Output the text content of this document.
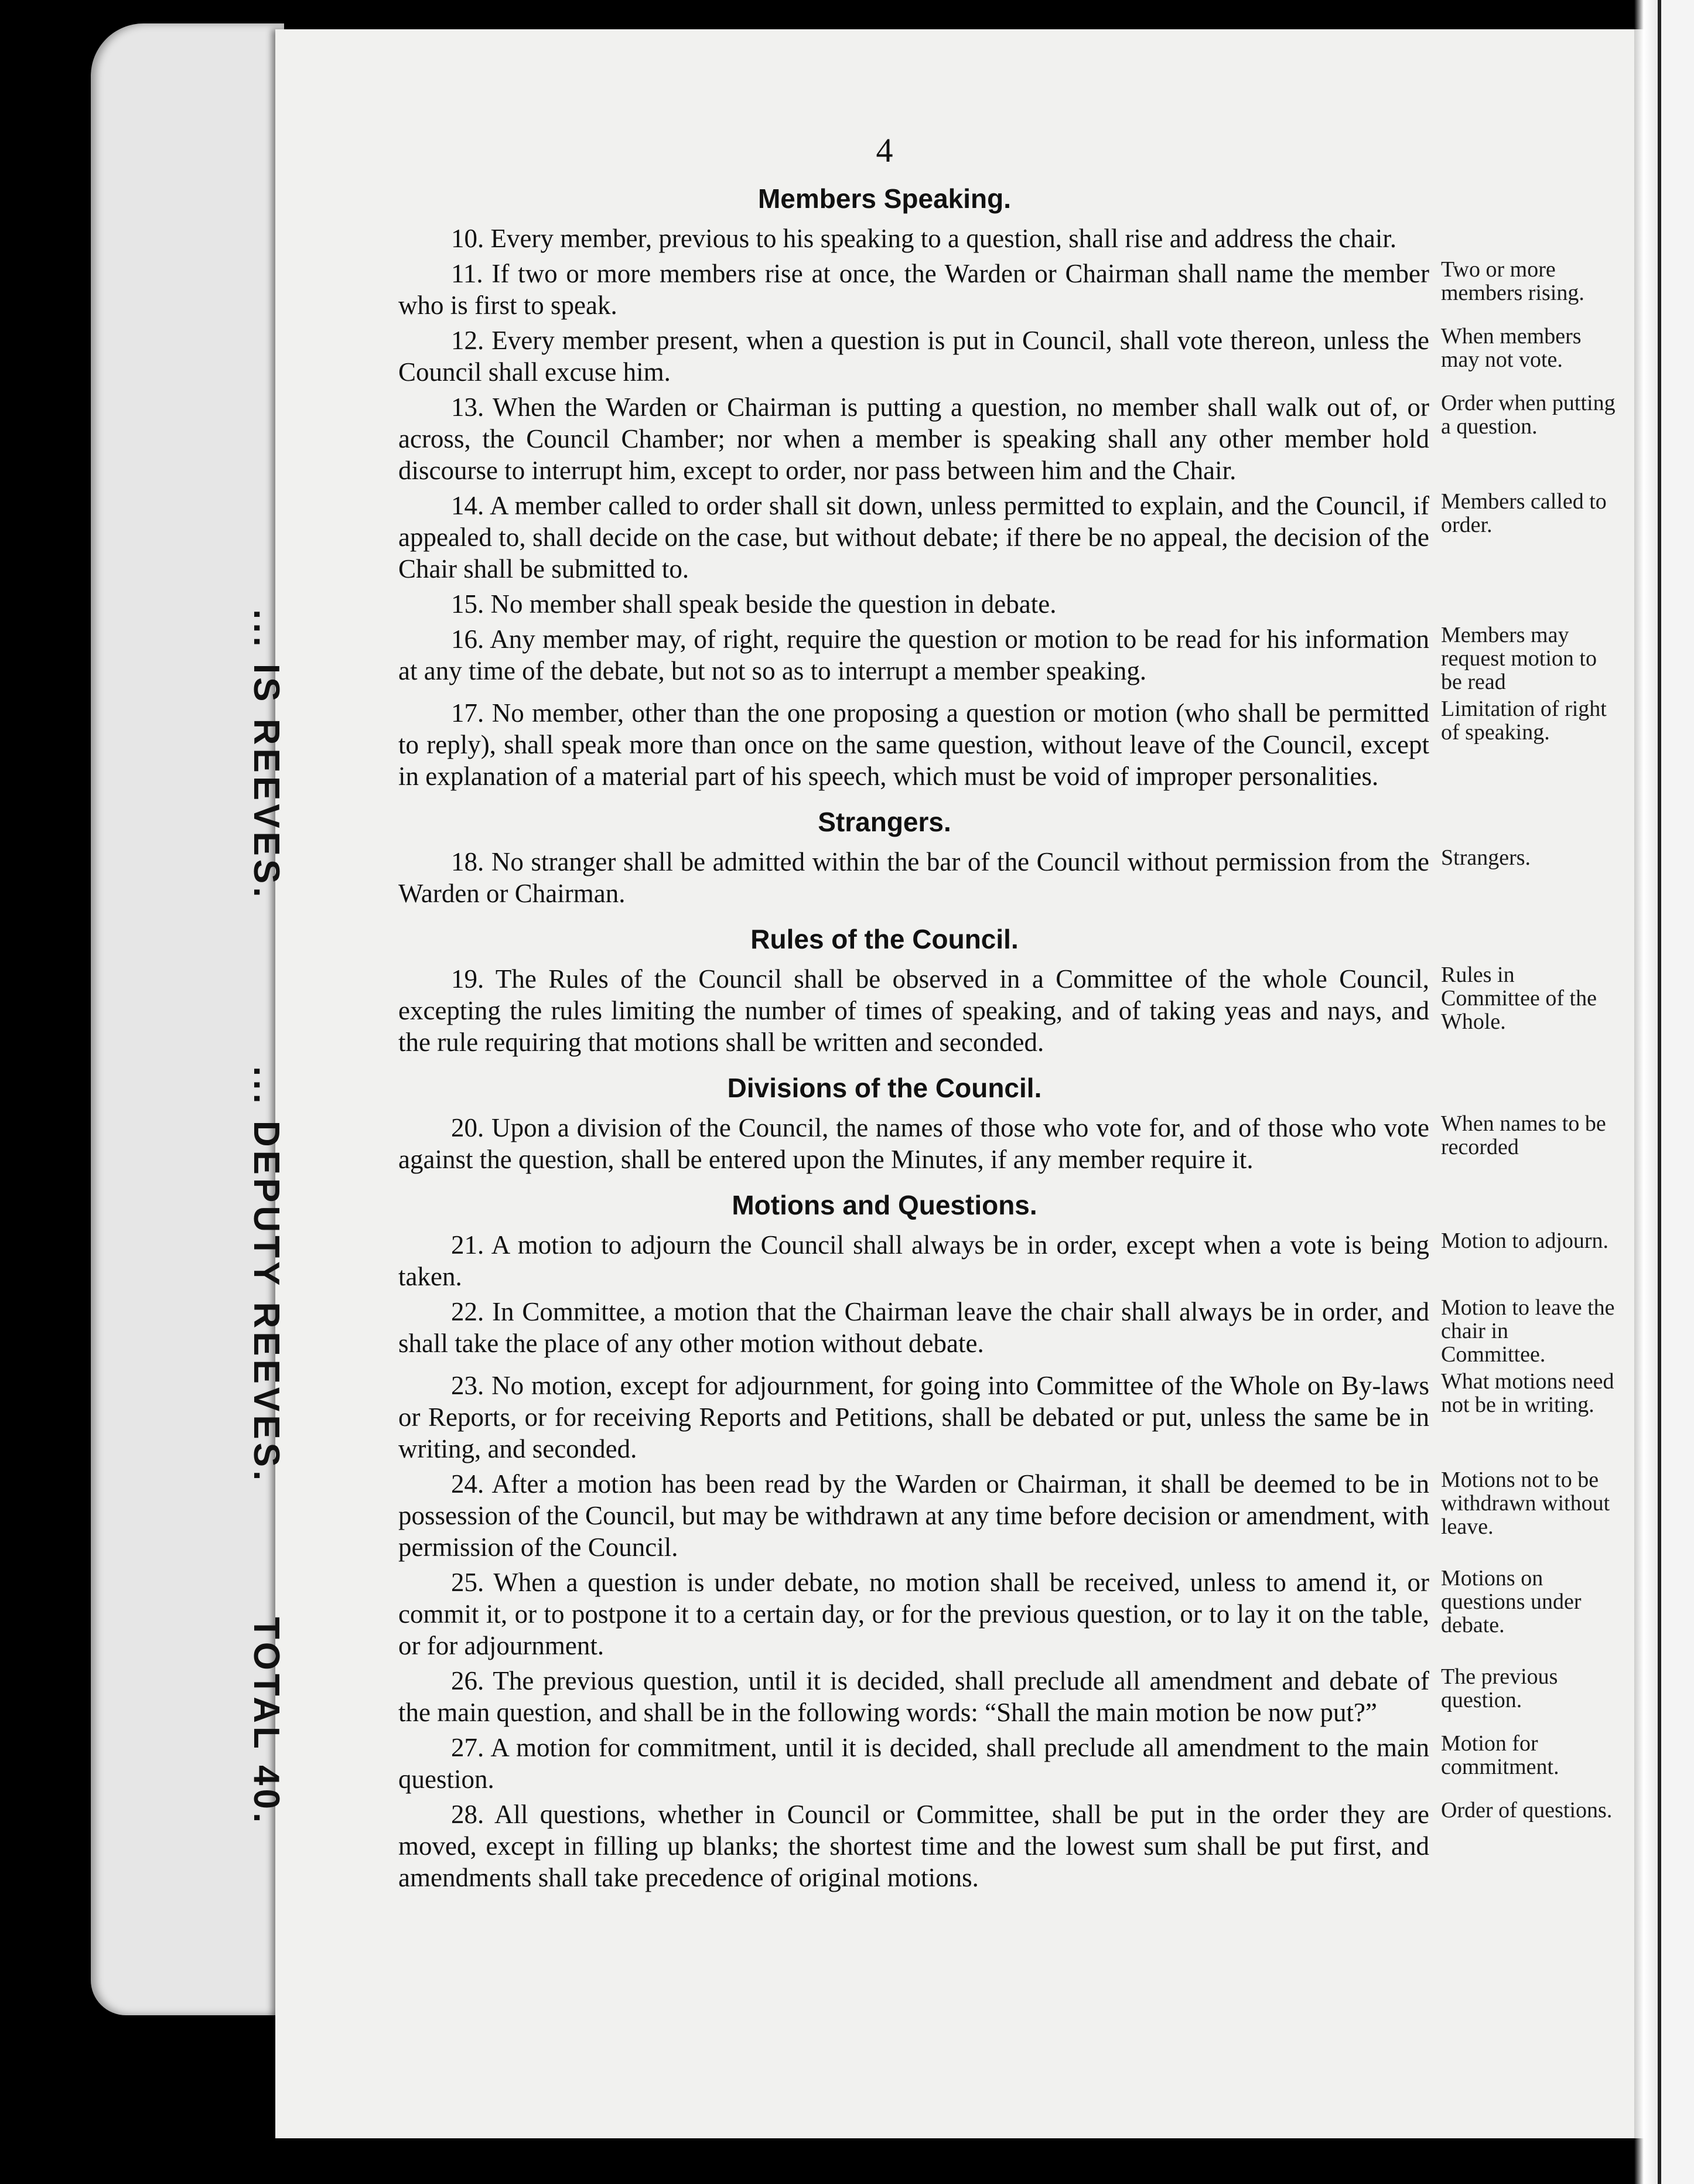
... IS REEVES.
... DEPUTY REEVES.
TOTAL 40.
4
Members Speaking.

10. Every member, previous to his speaking to a question, shall rise and address the chair.

11. If two or more members rise at once, the Warden or Chairman shall name the member who is first to speak.

Two or more members rising.

12. Every member present, when a question is put in Council, shall vote thereon, unless the Council shall excuse him.

When members may not vote.

13. When the Warden or Chairman is putting a question, no member shall walk out of, or across, the Council Chamber; nor when a member is speaking shall any other member hold discourse to interrupt him, except to order, nor pass between him and the Chair.

Order when putting a question.

14. A member called to order shall sit down, unless permitted to explain, and the Council, if appealed to, shall decide on the case, but without debate; if there be no appeal, the decision of the Chair shall be submitted to.

Members called to order.

15. No member shall speak beside the question in debate.

16. Any member may, of right, require the question or motion to be read for his information at any time of the debate, but not so as to interrupt a member speaking.

Members may request motion to be read

17. No member, other than the one proposing a question or motion (who shall be permitted to reply), shall speak more than once on the same question, without leave of the Council, except in explanation of a material part of his speech, which must be void of improper personalities.

Limitation of right of speaking.
Strangers.

18. No stranger shall be admitted within the bar of the Council without permission from the Warden or Chairman.

Strangers.
Rules of the Council.

19. The Rules of the Council shall be observed in a Committee of the whole Council, excepting the rules limiting the number of times of speaking, and of taking yeas and nays, and the rule requiring that motions shall be written and seconded.

Rules in Committee of the Whole.
Divisions of the Council.

20. Upon a division of the Council, the names of those who vote for, and of those who vote against the question, shall be entered upon the Minutes, if any member require it.

When names to be recorded
Motions and Questions.

21. A motion to adjourn the Council shall always be in order, except when a vote is being taken.

Motion to adjourn.

22. In Committee, a motion that the Chairman leave the chair shall always be in order, and shall take the place of any other motion without debate.

Motion to leave the chair in Committee.

23. No motion, except for adjournment, for going into Committee of the Whole on By-laws or Reports, or for receiving Reports and Petitions, shall be debated or put, unless the same be in writing, and seconded.

What motions need not be in writing.

24. After a motion has been read by the Warden or Chairman, it shall be deemed to be in possession of the Council, but may be withdrawn at any time before decision or amendment, with permission of the Council.

Motions not to be withdrawn without leave.

25. When a question is under debate, no motion shall be received, unless to amend it, or commit it, or to postpone it to a certain day, or for the previous question, or to lay it on the table, or for adjournment.

Motions on questions under debate.

26. The previous question, until it is decided, shall preclude all amendment and debate of the main question, and shall be in the following words: “Shall the main motion be now put?”

The previous question.

27. A motion for commitment, until it is decided, shall preclude all amendment to the main question.

Motion for commitment.

28. All questions, whether in Council or Committee, shall be put in the order they are moved, except in filling up blanks; the shortest time and the lowest sum shall be put first, and amendments shall take precedence of original motions.

Order of questions.
